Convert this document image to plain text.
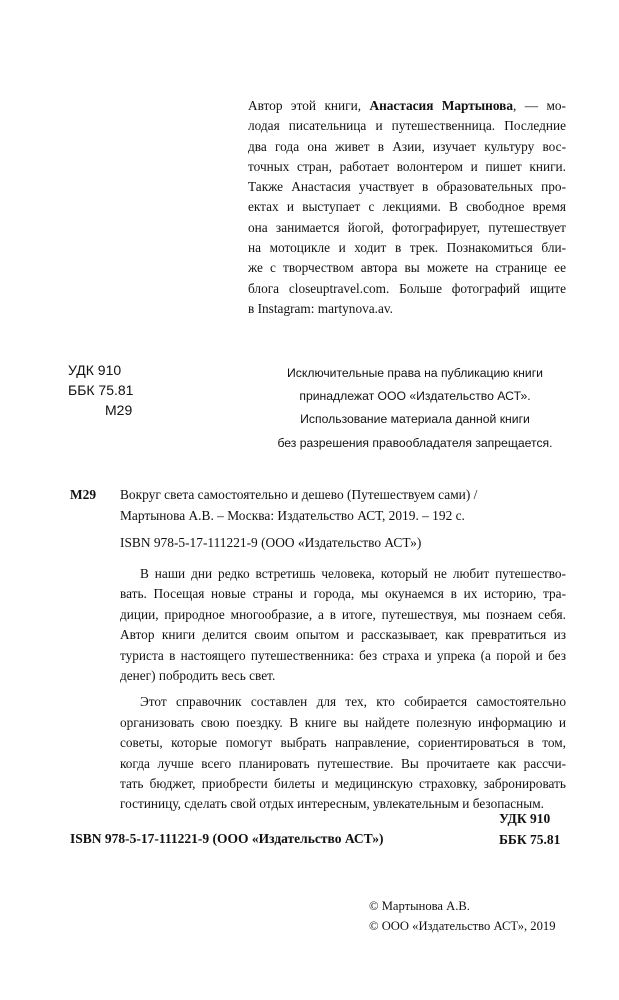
Автор этой книги, Анастасия Мартынова, — мо-
лодая писательница и путешественница. Последние
два года она живет в Азии, изучает культуру вос-
точных стран, работает волонтером и пишет книги.
Также Анастасия участвует в образовательных про-
ектах и выступает с лекциями. В свободное время
она занимается йогой, фотографирует, путешествует
на мотоцикле и ходит в трек. Познакомиться бли-
же с творчеством автора вы можете на странице ее
блога closeuptravel.com. Больше фотографий ищите
в Instagram: martynova.av.
УДК 910
ББК 75.81
М29
Исключительные права на публикацию книги
принадлежат ООО «Издательство АСТ».
Использование материала данной книги
без разрешения правообладателя запрещается.
М29 Вокруг света самостоятельно и дешево (Путешествуем сами) /
Мартынова А.В. – Москва: Издательство АСТ, 2019. – 192 с.
ISBN 978-5-17-111221-9 (ООО «Издательство АСТ»)
В наши дни редко встретишь человека, который не любит путешество-
вать. Посещая новые страны и города, мы окунаемся в их историю, тра-
диции, природное многообразие, а в итоге, путешествуя, мы познаем себя.
Автор книги делится своим опытом и рассказывает, как превратиться из
туриста в настоящего путешественника: без страха и упрека (а порой и без
денег) побродить весь свет.
Этот справочник составлен для тех, кто собирается самостоятельно
организовать свою поездку. В книге вы найдете полезную информацию и
советы, которые помогут выбрать направление, сориентироваться в том,
когда лучше всего планировать путешествие. Вы прочитаете как рассчи-
тать бюджет, приобрести билеты и медицинскую страховку, забронировать
гостиницу, сделать свой отдых интересным, увлекательным и безопасным.
ISBN 978-5-17-111221-9 (ООО «Издательство АСТ»)
УДК 910
ББК 75.81
© Мартынова А.В.
© ООО «Издательство АСТ», 2019
